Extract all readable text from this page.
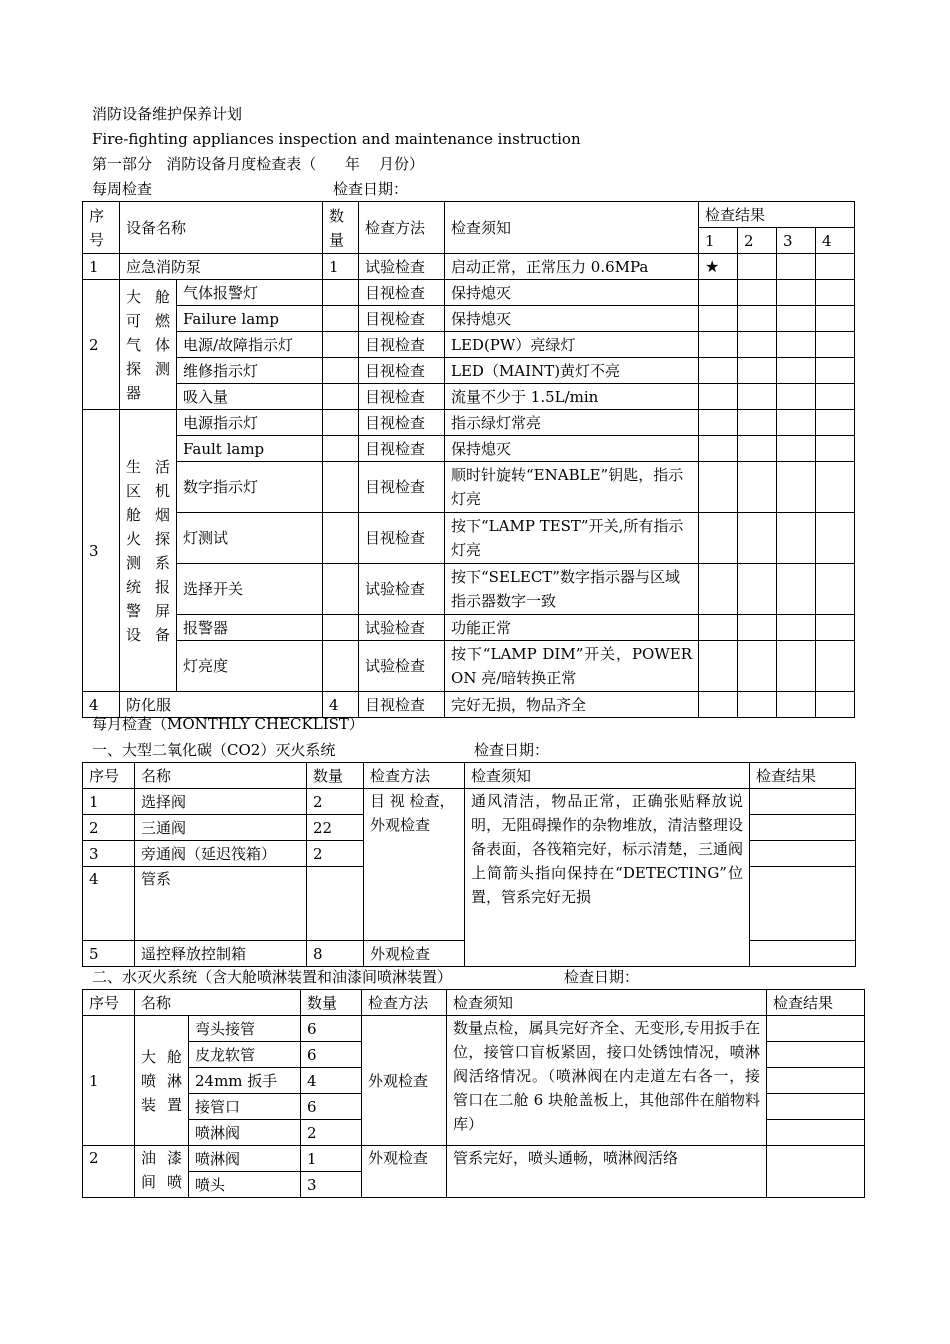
消防设备维护保养计划
Fire-fighting appliances inspection and maintenance instruction
第一部分   消防设备月度检查表（      年    月份）
每周检查	检查日期：
序号	设备名称		数量	检查方法	检查须知	检查结果			
						1	2	3	4
1	应急消防泵		1	试验检查	启动正常，正常压力 0.6MPa	★			
2	大舱可燃气体探测器	气体报警灯		目视检查	保持熄灭				
		Failure lamp		目视检查	保持熄灭				
		电源/故障指示灯		目视检查	LED(PW）亮绿灯				
		维修指示灯		目视检查	LED（MAINT)黄灯不亮				
		吸入量		目视检查	流量不少于 1.5L/min				
3	生活区机舱烟火探测系统报警屏设备	电源指示灯		目视检查	指示绿灯常亮				
		Fault lamp		目视检查	保持熄灭				
		数字指示灯		目视检查	顺时针旋转“ENABLE”钥匙，指示灯亮				
		灯测试		目视检查	按下“LAMP TEST”开关,所有指示灯亮				
		选择开关		试验检查	按下“SELECT”数字指示器与区域指示器数字一致				
		报警器		试验检查	功能正常				
		灯亮度		试验检查	按下“LAMP DIM”开关，POWER ON 亮/暗转换正常				
4	防化服		4	目视检查	完好无损，物品齐全				
每月检查（MONTHLY CHECKLIST）
一、大型二氧化碳（CO2）灭火系统	检查日期：
序号	名称	数量	检查方法	检查须知	检查结果
1	选择阀	2	目 视 检查，外观检查	通风清洁，物品正常，正确张贴释放说明，无阻碍操作的杂物堆放，清洁整理设备表面，各筏箱完好，标示清楚，三通阀上简箭头指向保持在“DETECTING”位置，管系完好无损	
2	三通阀	22			
3	旁通阀（延迟筏箱）	2			
4	管系				
5	遥控释放控制箱	8	外观检查		
二、水灭火系统（含大舱喷淋装置和油漆间喷淋装置）	检查日期：
序号	名称		数量	检查方法	检查须知	检查结果
1	大舱喷淋装置	弯头接管	6	外观检查	数量点检，属具完好齐全、无变形,专用扳手在位，接管口盲板紧固，接口处锈蚀情况，喷淋阀活络情况。（喷淋阀在内走道左右各一，接管口在二舱 6 块舱盖板上，其他部件在艏物料库）	
		皮龙软管	6			
		24mm 扳手	4			
		接管口	6			
		喷淋阀	2			
2	油漆间喷	喷淋阀	1	外观检查	管系完好，喷头通畅，喷淋阀活络	
		喷头	3			
